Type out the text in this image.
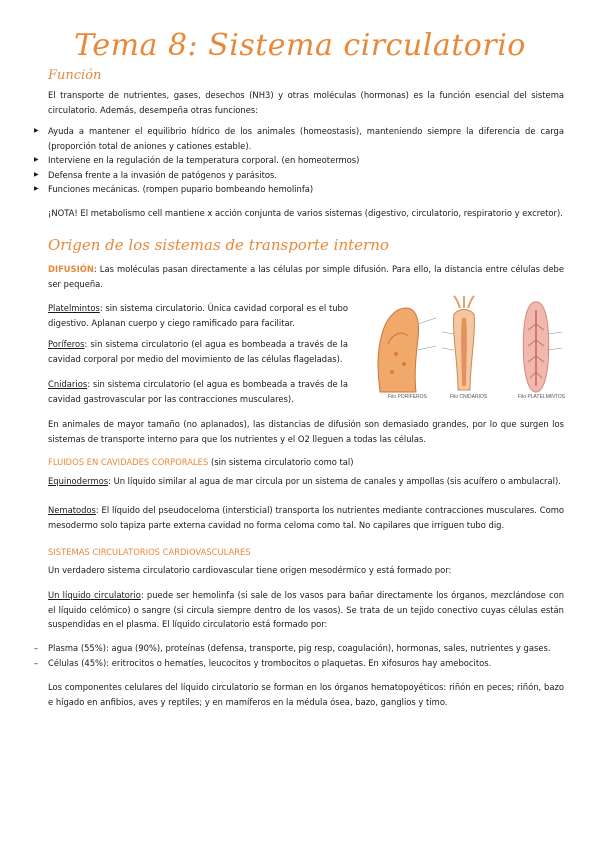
Tema 8: Sistema circulatorio
Función
El transporte de nutrientes, gases, desechos (NH3) y otras moléculas (hormonas) es la función esencial del sistema circulatorio. Además, desempeña otras funciones:
▶ Ayuda a mantener el equilibrio hídrico de los animales (homeostasis), manteniendo siempre la diferencia de carga (proporción total de aniones y cationes estable).
▶ Interviene en la regulación de la temperatura corporal. (en homeotermos)
▶ Defensa frente a la invasión de patógenos y parásitos.
▶ Funciones mecánicas. (rompen pupario bombeando hemolinfa)
¡NOTA! El metabolismo cell mantiene x acción conjunta de varios sistemas (digestivo, circulatorio, respiratorio y excretor).
Origen de los sistemas de transporte interno
DIFUSIÓN: Las moléculas pasan directamente a las células por simple difusión. Para ello, la distancia entre células debe ser pequeña.
Platelmintos: sin sistema circulatorio. Única cavidad corporal es el tubo digestivo. Aplanan cuerpo y ciego ramificado para facilitar.
Poríferos: sin sistema circulatorio (el agua es bombeada a través de la cavidad corporal por medio del movimiento de las células flageladas).
Cnidarios: sin sistema circulatorio (el agua es bombeada a través de la cavidad gastrovascular por las contracciones musculares).	Filo PORÍFEROS	Filo CNIDARIOS	Filo PLATELMINTOS
En animales de mayor tamaño (no aplanados), las distancias de difusión son demasiado grandes, por lo que surgen los sistemas de transporte interno para que los nutrientes y el O2 lleguen a todas las células.
FLUIDOS EN CAVIDADES CORPORALES (sin sistema circulatorio como tal)
Equinodermos: Un líquido similar al agua de mar circula por un sistema de canales y ampollas (sis acuífero o ambulacral).
Nematodos: El líquido del pseudoceloma (intersticial) transporta los nutrientes mediante contracciones musculares. Como mesodermo solo tapiza parte externa cavidad no forma celoma como tal. No capilares que irriguen tubo dig.
SISTEMAS CIRCULATORIOS CARDIOVASCULARES
Un verdadero sistema circulatorio cardiovascular tiene origen mesodérmico y está formado por:
Un líquido circulatorio: puede ser hemolinfa (si sale de los vasos para bañar directamente los órganos, mezclándose con el líquido celómico) o sangre (si circula siempre dentro de los vasos). Se trata de un tejido conectivo cuyas células están suspendidas en el plasma. El líquido circulatorio está formado por:
– Plasma (55%): agua (90%), proteínas (defensa, transporte, pig resp, coagulación), hormonas, sales, nutrientes y gases.
– Células (45%): eritrocitos o hematíes, leucocitos y trombocitos o plaquetas. En xifosuros hay amebocitos.
Los componentes celulares del líquido circulatorio se forman en los órganos hematopoyéticos: riñón en peces; riñón, bazo e hígado en anfibios, aves y reptiles; y en mamíferos en la médula ósea, bazo, ganglios y timo.
